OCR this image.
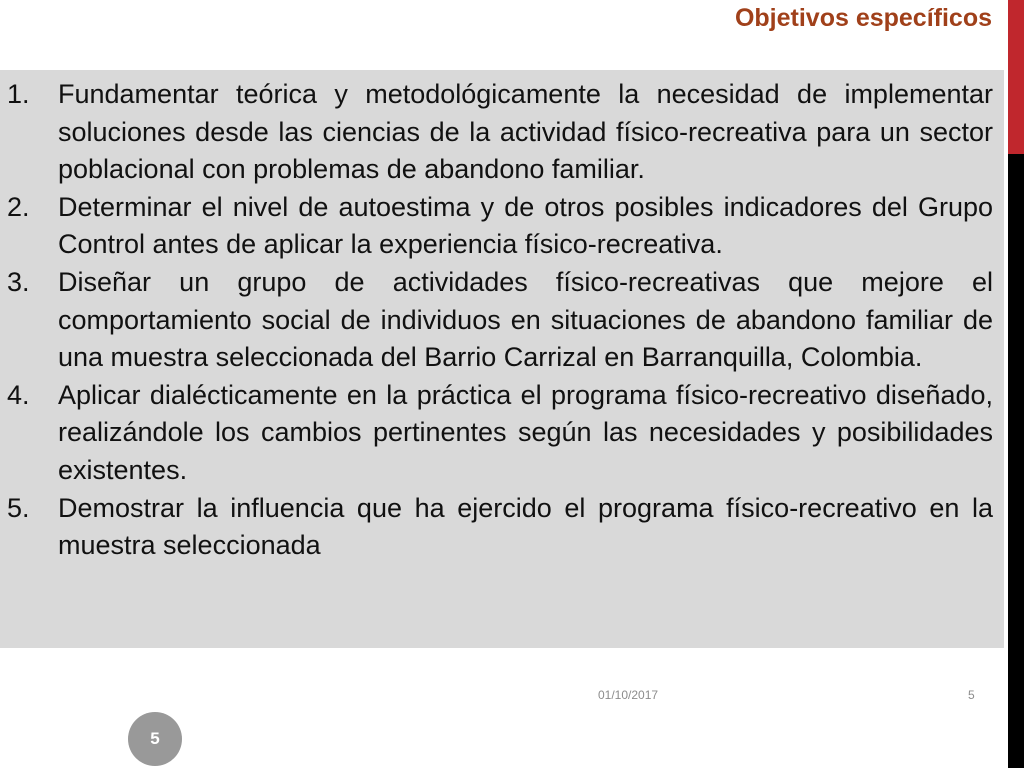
Objetivos específicos
1. Fundamentar teórica y metodológicamente la necesidad de implementar soluciones desde las ciencias de la actividad físico-recreativa para un sector poblacional con problemas de abandono familiar.
2. Determinar el nivel de autoestima y de otros posibles indicadores del Grupo Control antes de aplicar la experiencia físico-recreativa.
3. Diseñar un grupo de actividades físico-recreativas que mejore el comportamiento social de individuos en situaciones de abandono familiar de una muestra seleccionada del Barrio Carrizal en Barranquilla, Colombia.
4. Aplicar dialécticamente en la práctica el programa físico-recreativo diseñado, realizándole los cambios pertinentes según las necesidades y posibilidades existentes.
5. Demostrar la influencia que ha ejercido el programa físico-recreativo en la muestra seleccionada
01/10/2017	5
5
